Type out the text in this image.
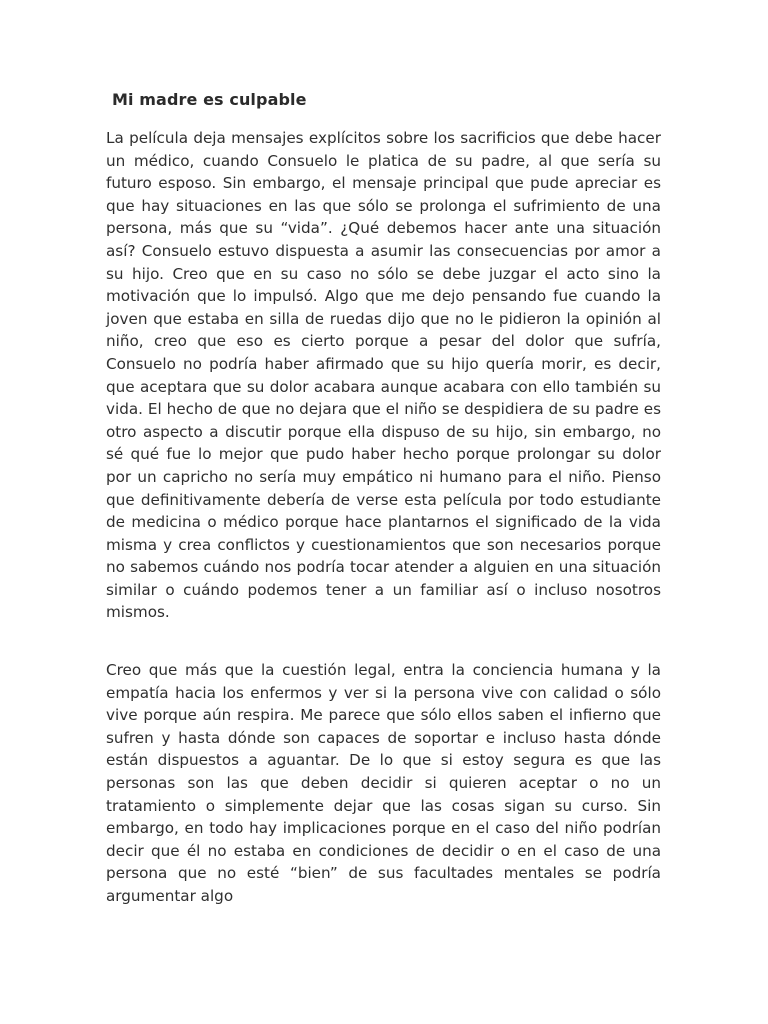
Mi madre es culpable

La película deja mensajes explícitos sobre los sacrificios que debe hacer un médico, cuando Consuelo le platica de su padre, al que sería su futuro esposo. Sin embargo, el mensaje principal que pude apreciar es que hay situaciones en las que sólo se prolonga el sufrimiento de una persona, más que su “vida”. ¿Qué debemos hacer ante una situación así? Consuelo estuvo dispuesta a asumir las consecuencias por amor a su hijo. Creo que en su caso no sólo se debe juzgar el acto sino la motivación que lo impulsó. Algo que me dejo pensando fue cuando la joven que estaba en silla de ruedas dijo que no le pidieron la opinión al niño, creo que eso es cierto porque a pesar del dolor que sufría, Consuelo no podría haber afirmado que su hijo quería morir, es decir, que aceptara que su dolor acabara aunque acabara con ello también su vida. El hecho de que no dejara que el niño se despidiera de su padre es otro aspecto a discutir porque ella dispuso de su hijo, sin embargo, no sé qué fue lo mejor que pudo haber hecho porque prolongar su dolor por un capricho no sería muy empático ni humano para el niño. Pienso que definitivamente debería de verse esta película por todo estudiante de medicina o médico porque hace plantarnos el significado de la vida misma y crea conflictos y cuestionamientos que son necesarios porque no sabemos cuándo nos podría tocar atender a alguien en una situación similar o cuándo podemos tener a un familiar así o incluso nosotros mismos.

Creo que más que la cuestión legal, entra la conciencia humana y la empatía hacia los enfermos y ver si la persona vive con calidad o sólo vive porque aún respira. Me parece que sólo ellos saben el infierno que sufren y hasta dónde son capaces de soportar e incluso hasta dónde están dispuestos a aguantar. De lo que si estoy segura es que las personas son las que deben decidir si quieren aceptar o no un tratamiento o simplemente dejar que las cosas sigan su curso. Sin embargo, en todo hay implicaciones porque en el caso del niño podrían decir que él no estaba en condiciones de decidir o en el caso de una persona que no esté “bien” de sus facultades mentales se podría argumentar algo
